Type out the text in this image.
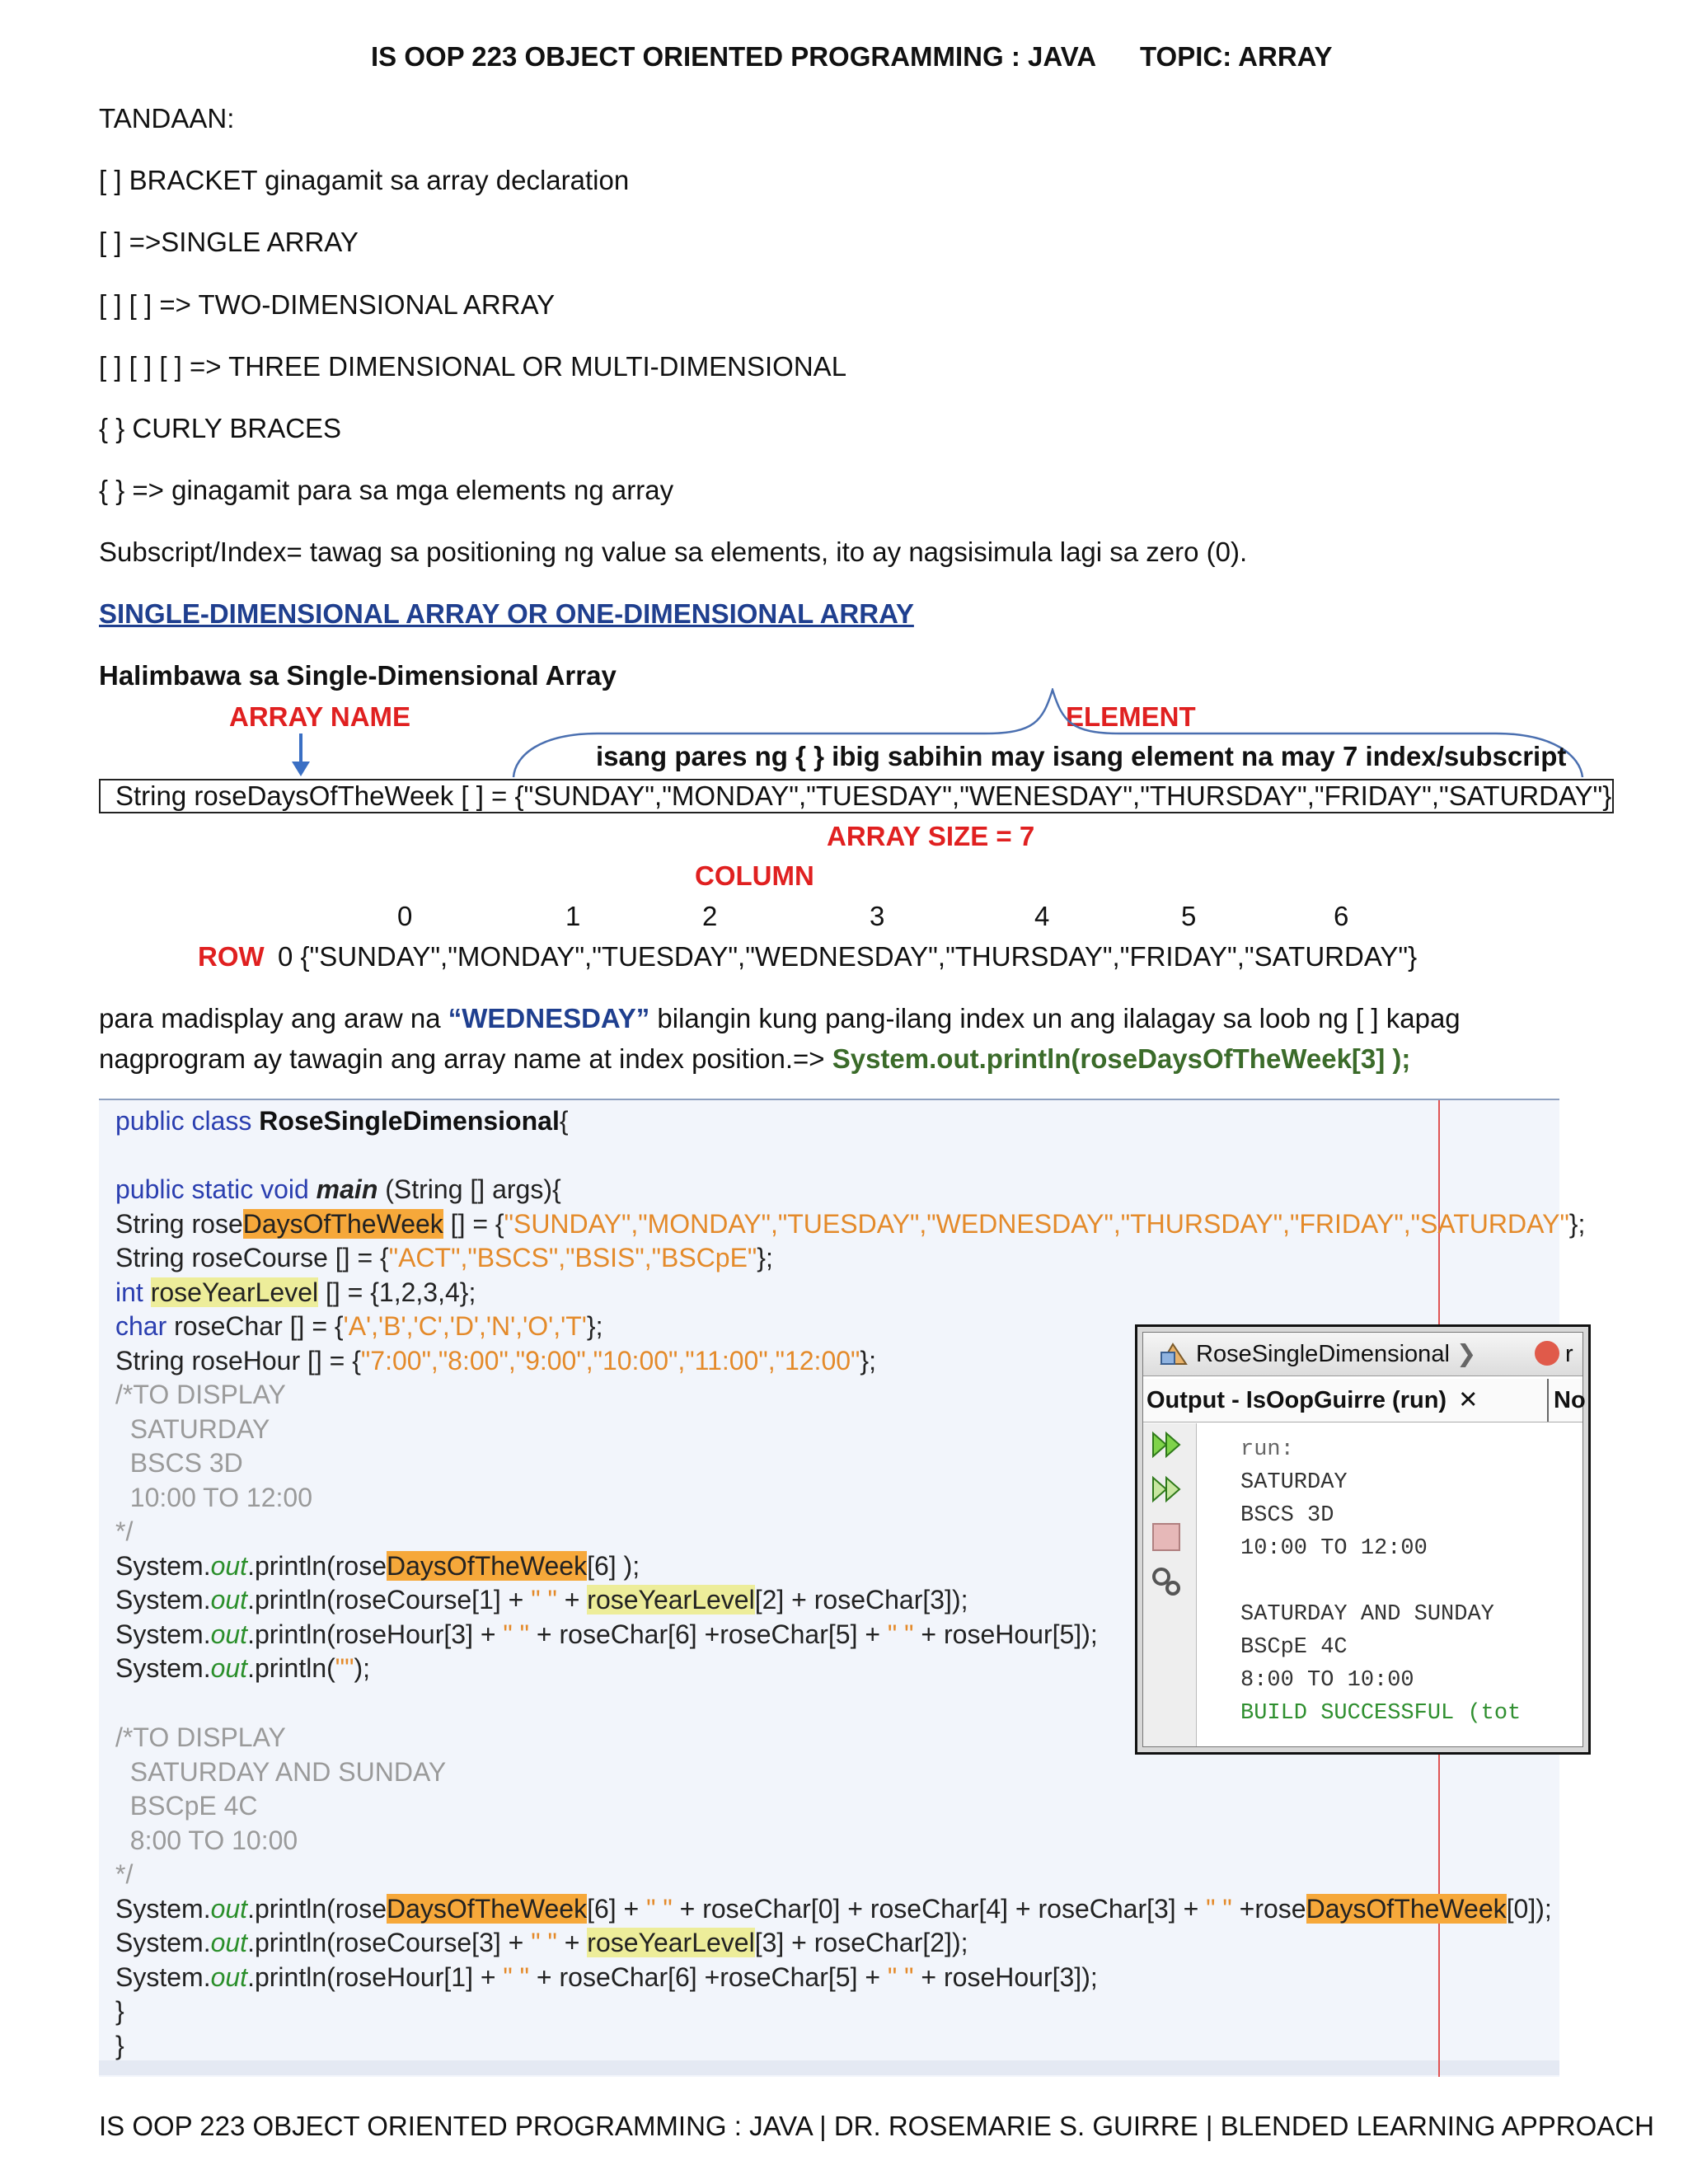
IS OOP 223 OBJECT ORIENTED PROGRAMMING : JAVA TOPIC: ARRAY
TANDAAN:
[ ] BRACKET ginagamit sa array declaration
[ ] =>SINGLE ARRAY
[ ] [ ] => TWO-DIMENSIONAL ARRAY
[ ] [ ] [ ] => THREE DIMENSIONAL OR MULTI-DIMENSIONAL
{ } CURLY BRACES
{ } => ginagamit para sa mga elements ng array
Subscript/Index= tawag sa positioning ng value sa elements, ito ay nagsisimula lagi sa zero (0).
SINGLE-DIMENSIONAL ARRAY OR ONE-DIMENSIONAL ARRAY
Halimbawa sa Single-Dimensional Array
ARRAY NAME	ELEMENT
isang pares ng { } ibig sabihin may isang element na may 7 index/subscript
String roseDaysOfTheWeek [ ] = {"SUNDAY","MONDAY","TUESDAY","WENESDAY","THURSDAY","FRIDAY","SATURDAY"}
ARRAY SIZE = 7
COLUMN
0	1	2	3	4	5	6
ROW 0 {"SUNDAY","MONDAY","TUESDAY","WEDNESDAY","THURSDAY","FRIDAY","SATURDAY"}
para madisplay ang araw na “WEDNESDAY” bilangin kung pang-ilang index un ang ilalagay sa loob ng [ ] kapag
nagprogram ay tawagin ang array name at index position.=> System.out.println(roseDaysOfTheWeek[3] );
public class RoseSingleDimensional{
public static void main (String [] args){
String roseDaysOfTheWeek [] = {"SUNDAY","MONDAY","TUESDAY","WEDNESDAY","THURSDAY","FRIDAY","SATURDAY"};
String roseCourse [] = {"ACT","BSCS","BSIS","BSCpE"};
int roseYearLevel [] = {1,2,3,4};
char roseChar [] = {'A','B','C','D','N','O','T'};
String roseHour [] = {"7:00","8:00","9:00","10:00","11:00","12:00"};
/*TO DISPLAY
SATURDAY
BSCS 3D
10:00 TO 12:00
*/
System.out.println(roseDaysOfTheWeek[6] );
System.out.println(roseCourse[1] + " " + roseYearLevel[2] + roseChar[3]);
System.out.println(roseHour[3] + " " + roseChar[6] +roseChar[5] + " " + roseHour[5]);
System.out.println("");
/*TO DISPLAY
SATURDAY AND SUNDAY
BSCpE 4C
8:00 TO 10:00
*/
System.out.println(roseDaysOfTheWeek[6] + " " + roseChar[0] + roseChar[4] + roseChar[3] + " " +roseDaysOfTheWeek[0]);
System.out.println(roseCourse[3] + " " + roseYearLevel[3] + roseChar[2]);
System.out.println(roseHour[1] + " " + roseChar[6] +roseChar[5] + " " + roseHour[3]);
}
}
RoseSingleDimensional ❯	r
Output - IsOopGuirre (run) ✕	No
run:
SATURDAY
BSCS 3D
10:00 TO 12:00
SATURDAY AND SUNDAY
BSCpE 4C
8:00 TO 10:00
BUILD SUCCESSFUL (tot
IS OOP 223 OBJECT ORIENTED PROGRAMMING : JAVA | DR. ROSEMARIE S. GUIRRE | BLENDED LEARNING APPROACH
